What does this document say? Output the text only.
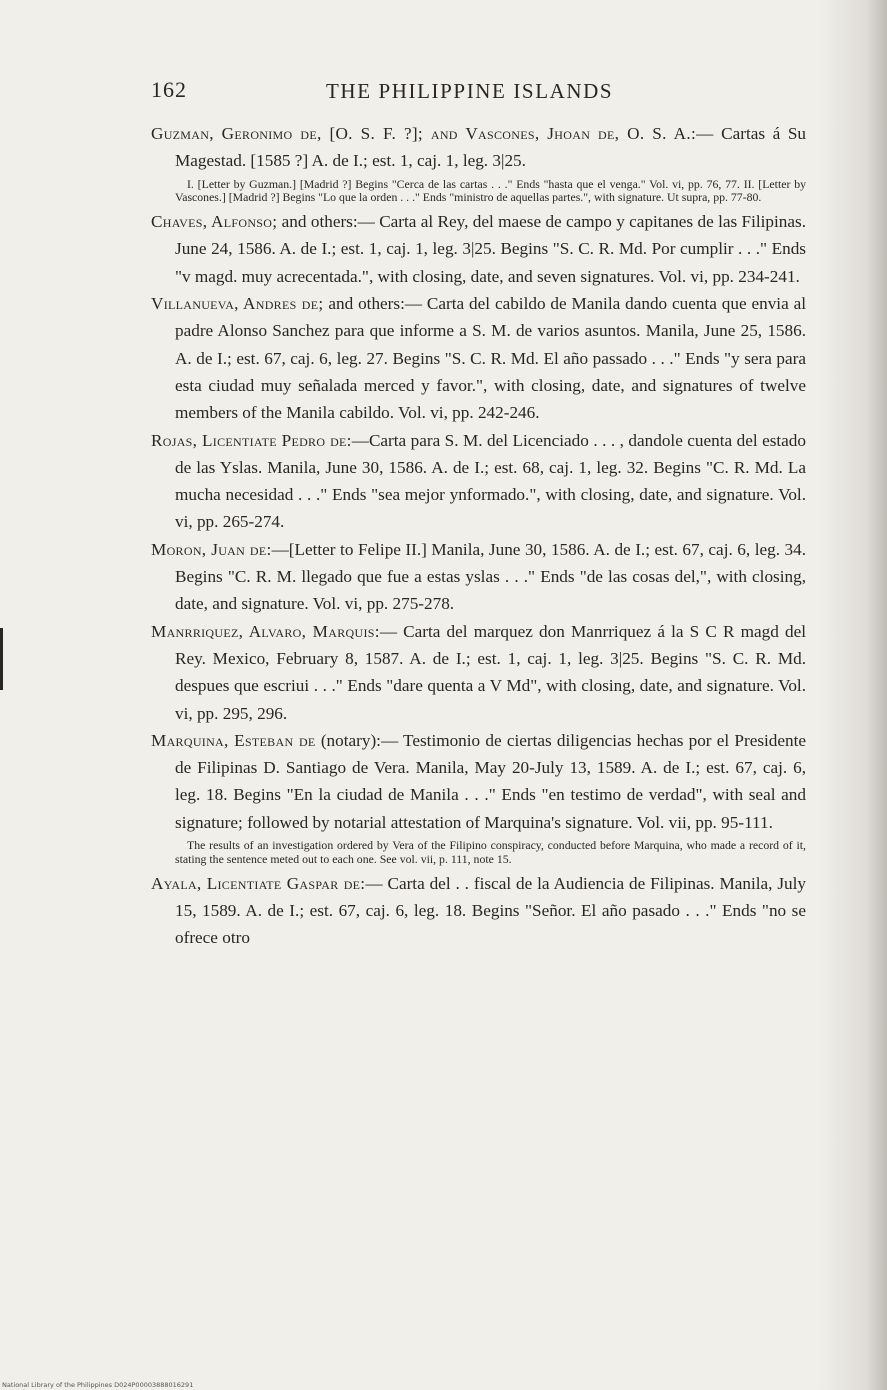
162	THE PHILIPPINE ISLANDS
Guzman, Geronimo de, [O. S. F. ?]; and Vascones, Jhoan de, O. S. A.:— Cartas á Su Magestad. [1585 ?] A. de I.; est. 1, caj. 1, leg. 3|25.
I. [Letter by Guzman.] [Madrid ?] Begins "Cerca de las cartas . . ." Ends "hasta que el venga." Vol. vi, pp. 76, 77. II. [Letter by Vascones.] [Madrid ?] Begins "Lo que la orden . . ." Ends "ministro de aquellas partes.", with signature. Ut supra, pp. 77-80.
Chaves, Alfonso; and others:— Carta al Rey, del maese de campo y capitanes de las Filipinas. June 24, 1586. A. de I.; est. 1, caj. 1, leg. 3|25. Begins "S. C. R. Md. Por cumplir . . ." Ends "v magd. muy acrecentada.", with closing, date, and seven signatures. Vol. vi, pp. 234-241.
Villanueva, Andres de; and others:— Carta del cabildo de Manila dando cuenta que envia al padre Alonso Sanchez para que informe a S. M. de varios asuntos. Manila, June 25, 1586. A. de I.; est. 67, caj. 6, leg. 27. Begins "S. C. R. Md. El año passado . . ." Ends "y sera para esta ciudad muy señalada merced y favor.", with closing, date, and signatures of twelve members of the Manila cabildo. Vol. vi, pp. 242-246.
Rojas, Licentiate Pedro de:—Carta para S. M. del Licenciado . . . , dandole cuenta del estado de las Yslas. Manila, June 30, 1586. A. de I.; est. 68, caj. 1, leg. 32. Begins "C. R. Md. La mucha necesidad . . ." Ends "sea mejor ynformado.", with closing, date, and signature. Vol. vi, pp. 265-274.
Moron, Juan de:—[Letter to Felipe II.] Manila, June 30, 1586. A. de I.; est. 67, caj. 6, leg. 34. Begins "C. R. M. llegado que fue a estas yslas . . ." Ends "de las cosas del,", with closing, date, and signature. Vol. vi, pp. 275-278.
Manrriquez, Alvaro, Marquis:— Carta del marquez don Manrriquez á la S C R magd del Rey. Mexico, February 8, 1587. A. de I.; est. 1, caj. 1, leg. 3|25. Begins "S. C. R. Md. despues que escriui . . ." Ends "dare quenta a V Md", with closing, date, and signature. Vol. vi, pp. 295, 296.
Marquina, Esteban de (notary):— Testimonio de ciertas diligencias hechas por el Presidente de Filipinas D. Santiago de Vera. Manila, May 20-July 13, 1589. A. de I.; est. 67, caj. 6, leg. 18. Begins "En la ciudad de Manila . . ." Ends "en testimo de verdad", with seal and signature; followed by notarial attestation of Marquina's signature. Vol. vii, pp. 95-111.
The results of an investigation ordered by Vera of the Filipino conspiracy, conducted before Marquina, who made a record of it, stating the sentence meted out to each one. See vol. vii, p. 111, note 15.
Ayala, Licentiate Gaspar de:— Carta del . . fiscal de la Audiencia de Filipinas. Manila, July 15, 1589. A. de I.; est. 67, caj. 6, leg. 18. Begins "Señor. El año pasado . . ." Ends "no se ofrece otro
National Library of the Philippines D024P00003888016291
